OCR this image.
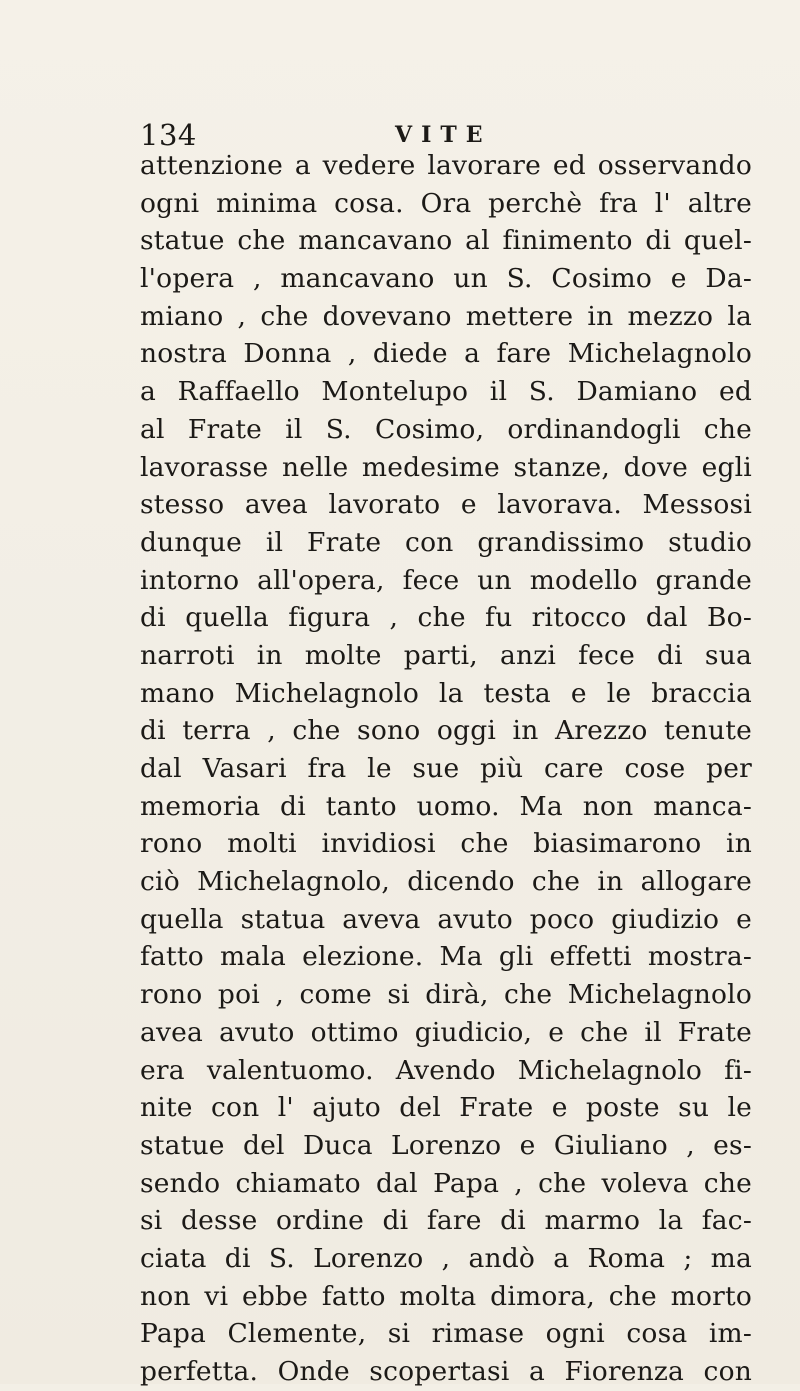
134	VITE
attenzione a vedere lavorare ed osservando
ogni minima cosa. Ora perchè fra l' altre
statue che mancavano al finimento di quel-
l'opera , mancavano un S. Cosimo e Da-
miano , che dovevano mettere in mezzo la
nostra Donna , diede a fare Michelagnolo
a Raffaello Montelupo il S. Damiano ed
al Frate il S. Cosimo, ordinandogli che
lavorasse nelle medesime stanze, dove egli
stesso avea lavorato e lavorava. Messosi
dunque il Frate con grandissimo studio
intorno all'opera, fece un modello grande
di quella figura , che fu ritocco dal Bo-
narroti in molte parti, anzi fece di sua
mano Michelagnolo la testa e le braccia
di terra , che sono oggi in Arezzo tenute
dal Vasari fra le sue più care cose per
memoria di tanto uomo. Ma non manca-
rono molti invidiosi che biasimarono in
ciò Michelagnolo, dicendo che in allogare
quella statua aveva avuto poco giudizio e
fatto mala elezione. Ma gli effetti mostra-
rono poi , come si dirà, che Michelagnolo
avea avuto ottimo giudicio, e che il Frate
era valentuomo. Avendo Michelagnolo fi-
nite con l' ajuto del Frate e poste su le
statue del Duca Lorenzo e Giuliano , es-
sendo chiamato dal Papa , che voleva che
si desse ordine di fare di marmo la fac-
ciata di S. Lorenzo , andò a Roma ; ma
non vi ebbe fatto molta dimora, che morto
Papa Clemente, si rimase ogni cosa im-
perfetta. Onde scopertasi a Fiorenza con
